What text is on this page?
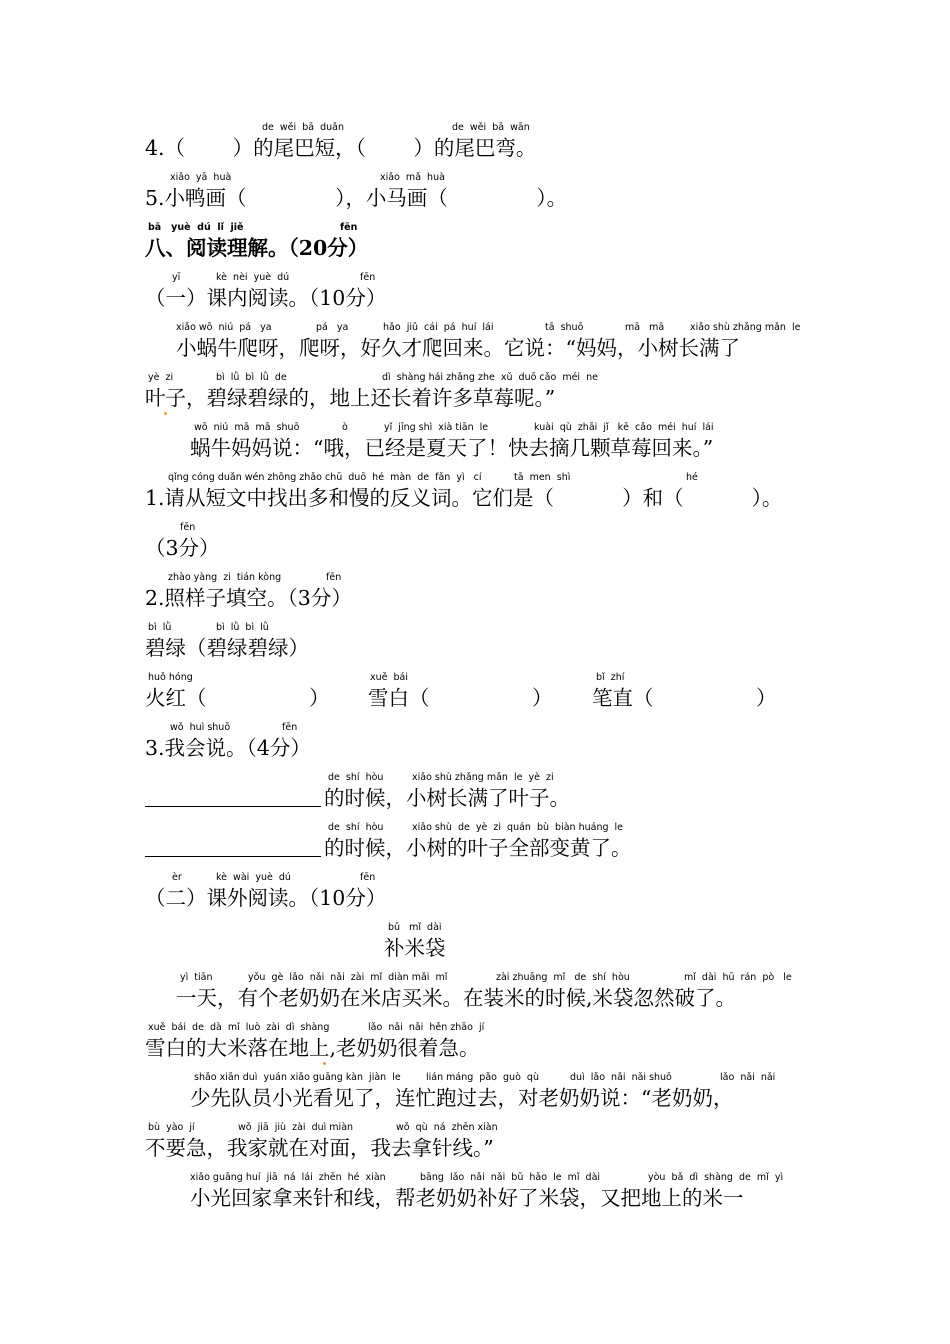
de  wěi  bā  duǎn	de  wěi  bā  wān
4.（　　 ）的尾巴短，（　　 ）的尾巴弯。
xiǎo  yā  huà	xiǎo  mǎ  huà
5.小鸭画（　　　　 ），小马画（　　　　 ）。
bā   yuè  dú  lǐ  jiě	fēn
八、阅读理解。（20分）
yī	kè  nèi  yuè  dú	fēn
（一）课内阅读。（10分）
xiǎo wō  niú  pá   ya	pá   ya	hǎo  jiǔ  cái  pá  huí  lái	tā  shuō	mā   mā	xiǎo shù zhǎng mǎn  le
小蜗牛爬呀，爬呀，好久才爬回来。它说：“妈妈，小树长满了
yè  zi	bì  lǜ  bì  lǜ  de	dì  shàng hái zhǎng zhe  xǔ  duō cǎo  méi  ne
叶子，碧绿碧绿的，地上还长着许多草莓呢。”
wō  niú  mā  mā  shuō	ò	yǐ  jīng shì  xià tiān  le	kuài  qù  zhāi  jǐ   kē  cǎo  méi  huí  lái
蜗牛妈妈说：“哦，已经是夏天了！快去摘几颗草莓回来。”
qǐng cóng duǎn wén zhōng zhǎo chū  duō  hé  màn  de  fǎn  yì   cí	tā  men  shì	hé
1.请从短文中找出多和慢的反义词。它们是（　　　 ）和（　　　 ）。
fēn
（3分）
zhào yàng  zi  tián kòng	fēn
2.照样子填空。（3分）
bì  lǜ	bì  lǜ  bì  lǜ
碧绿（碧绿碧绿）
huǒ hóng	xuě  bái	bǐ  zhí
火红（　　　　　） 雪白（　　　　　） 笔直（　　　　　）
wǒ  huì shuō	fēn
3.我会说。（4分）
de  shí  hòu	xiǎo shù zhǎng mǎn  le  yè  zi
的时候，小树长满了叶子。
de  shí  hòu	xiǎo shù  de  yè  zi  quán  bù  biàn huáng  le
的时候，小树的叶子全部变黄了。
èr	kè  wài  yuè  dú	fēn
（二）课外阅读。（10分）
bǔ   mǐ  dài
补米袋
yì  tiān	yǒu  gè  lǎo  nǎi  nǎi  zài  mǐ  diàn mǎi  mǐ	zài zhuāng  mǐ   de  shí  hòu	mǐ  dài  hū  rán  pò   le
一天，有个老奶奶在米店买米。在装米的时候,米袋忽然破了。
xuě  bái  de  dà  mǐ  luò  zài  dì  shàng	lǎo  nǎi  nǎi  hěn zhāo  jí
雪白的大米落在地上,老奶奶很着急。
shǎo xiān duì  yuán xiǎo guāng kàn  jiàn  le	lián máng  pǎo  guò  qù	duì  lǎo  nǎi  nǎi shuō	lǎo  nǎi  nǎi
少先队员小光看见了，连忙跑过去，对老奶奶说：“老奶奶，
bù  yào  jí	wǒ  jiā  jiù  zài  duì miàn	wǒ  qù  ná  zhēn xiàn
不要急，我家就在对面，我去拿针线。”
xiǎo guāng huí  jiā  ná  lái  zhēn  hé  xiàn	bāng  lǎo  nǎi  nǎi  bǔ  hǎo  le  mǐ  dài	yòu  bǎ  dì  shàng  de  mǐ  yì
小光回家拿来针和线，帮老奶奶补好了米袋，又把地上的米一
